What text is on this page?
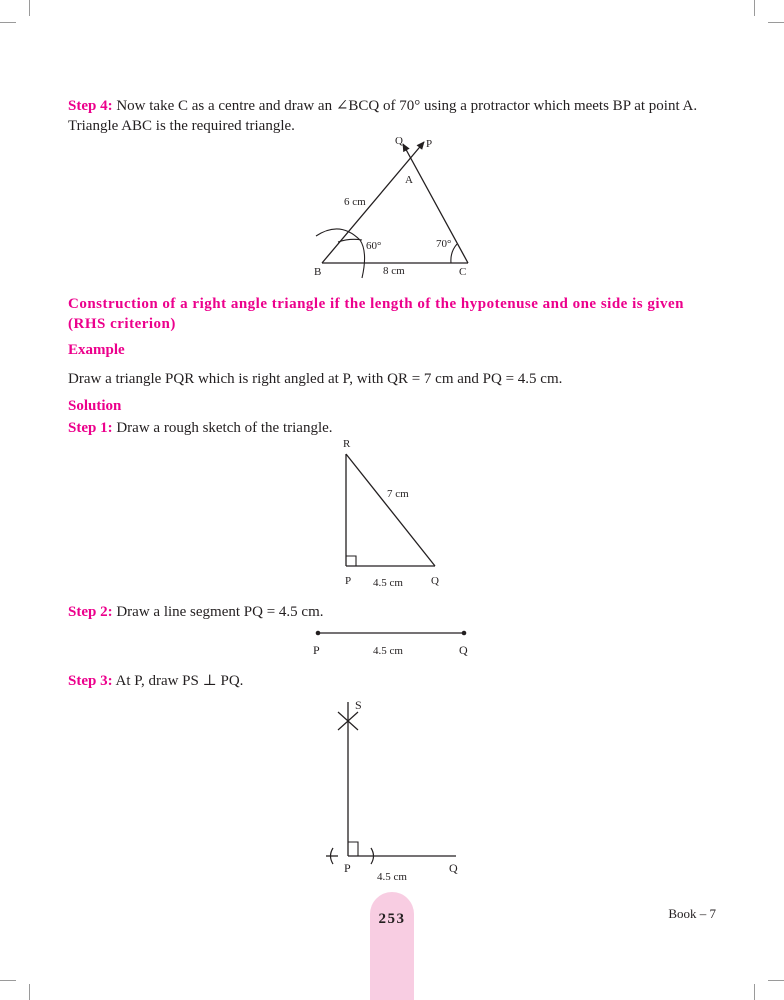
Step 4: Now take C as a centre and draw an ∠BCQ of 70° using a protractor which meets BP at point A.
Triangle ABC is the required triangle.
Q P
A
6 cm
60°	70°
B	8 cm	C
Construction of a right angle triangle if the length of the hypotenuse and one side is given
(RHS criterion)
Example
Draw a triangle PQR which is right angled at P, with QR = 7 cm and PQ = 4.5 cm.
Solution
Step 1: Draw a rough sketch of the triangle.
R
7 cm
P 4.5 cm	Q
Step 2: Draw a line segment PQ = 4.5 cm.
P	4.5 cm	Q
Step 3: At P, draw PS ⊥ PQ.
S
P
4.5 cm
Q
253	Book – 7
